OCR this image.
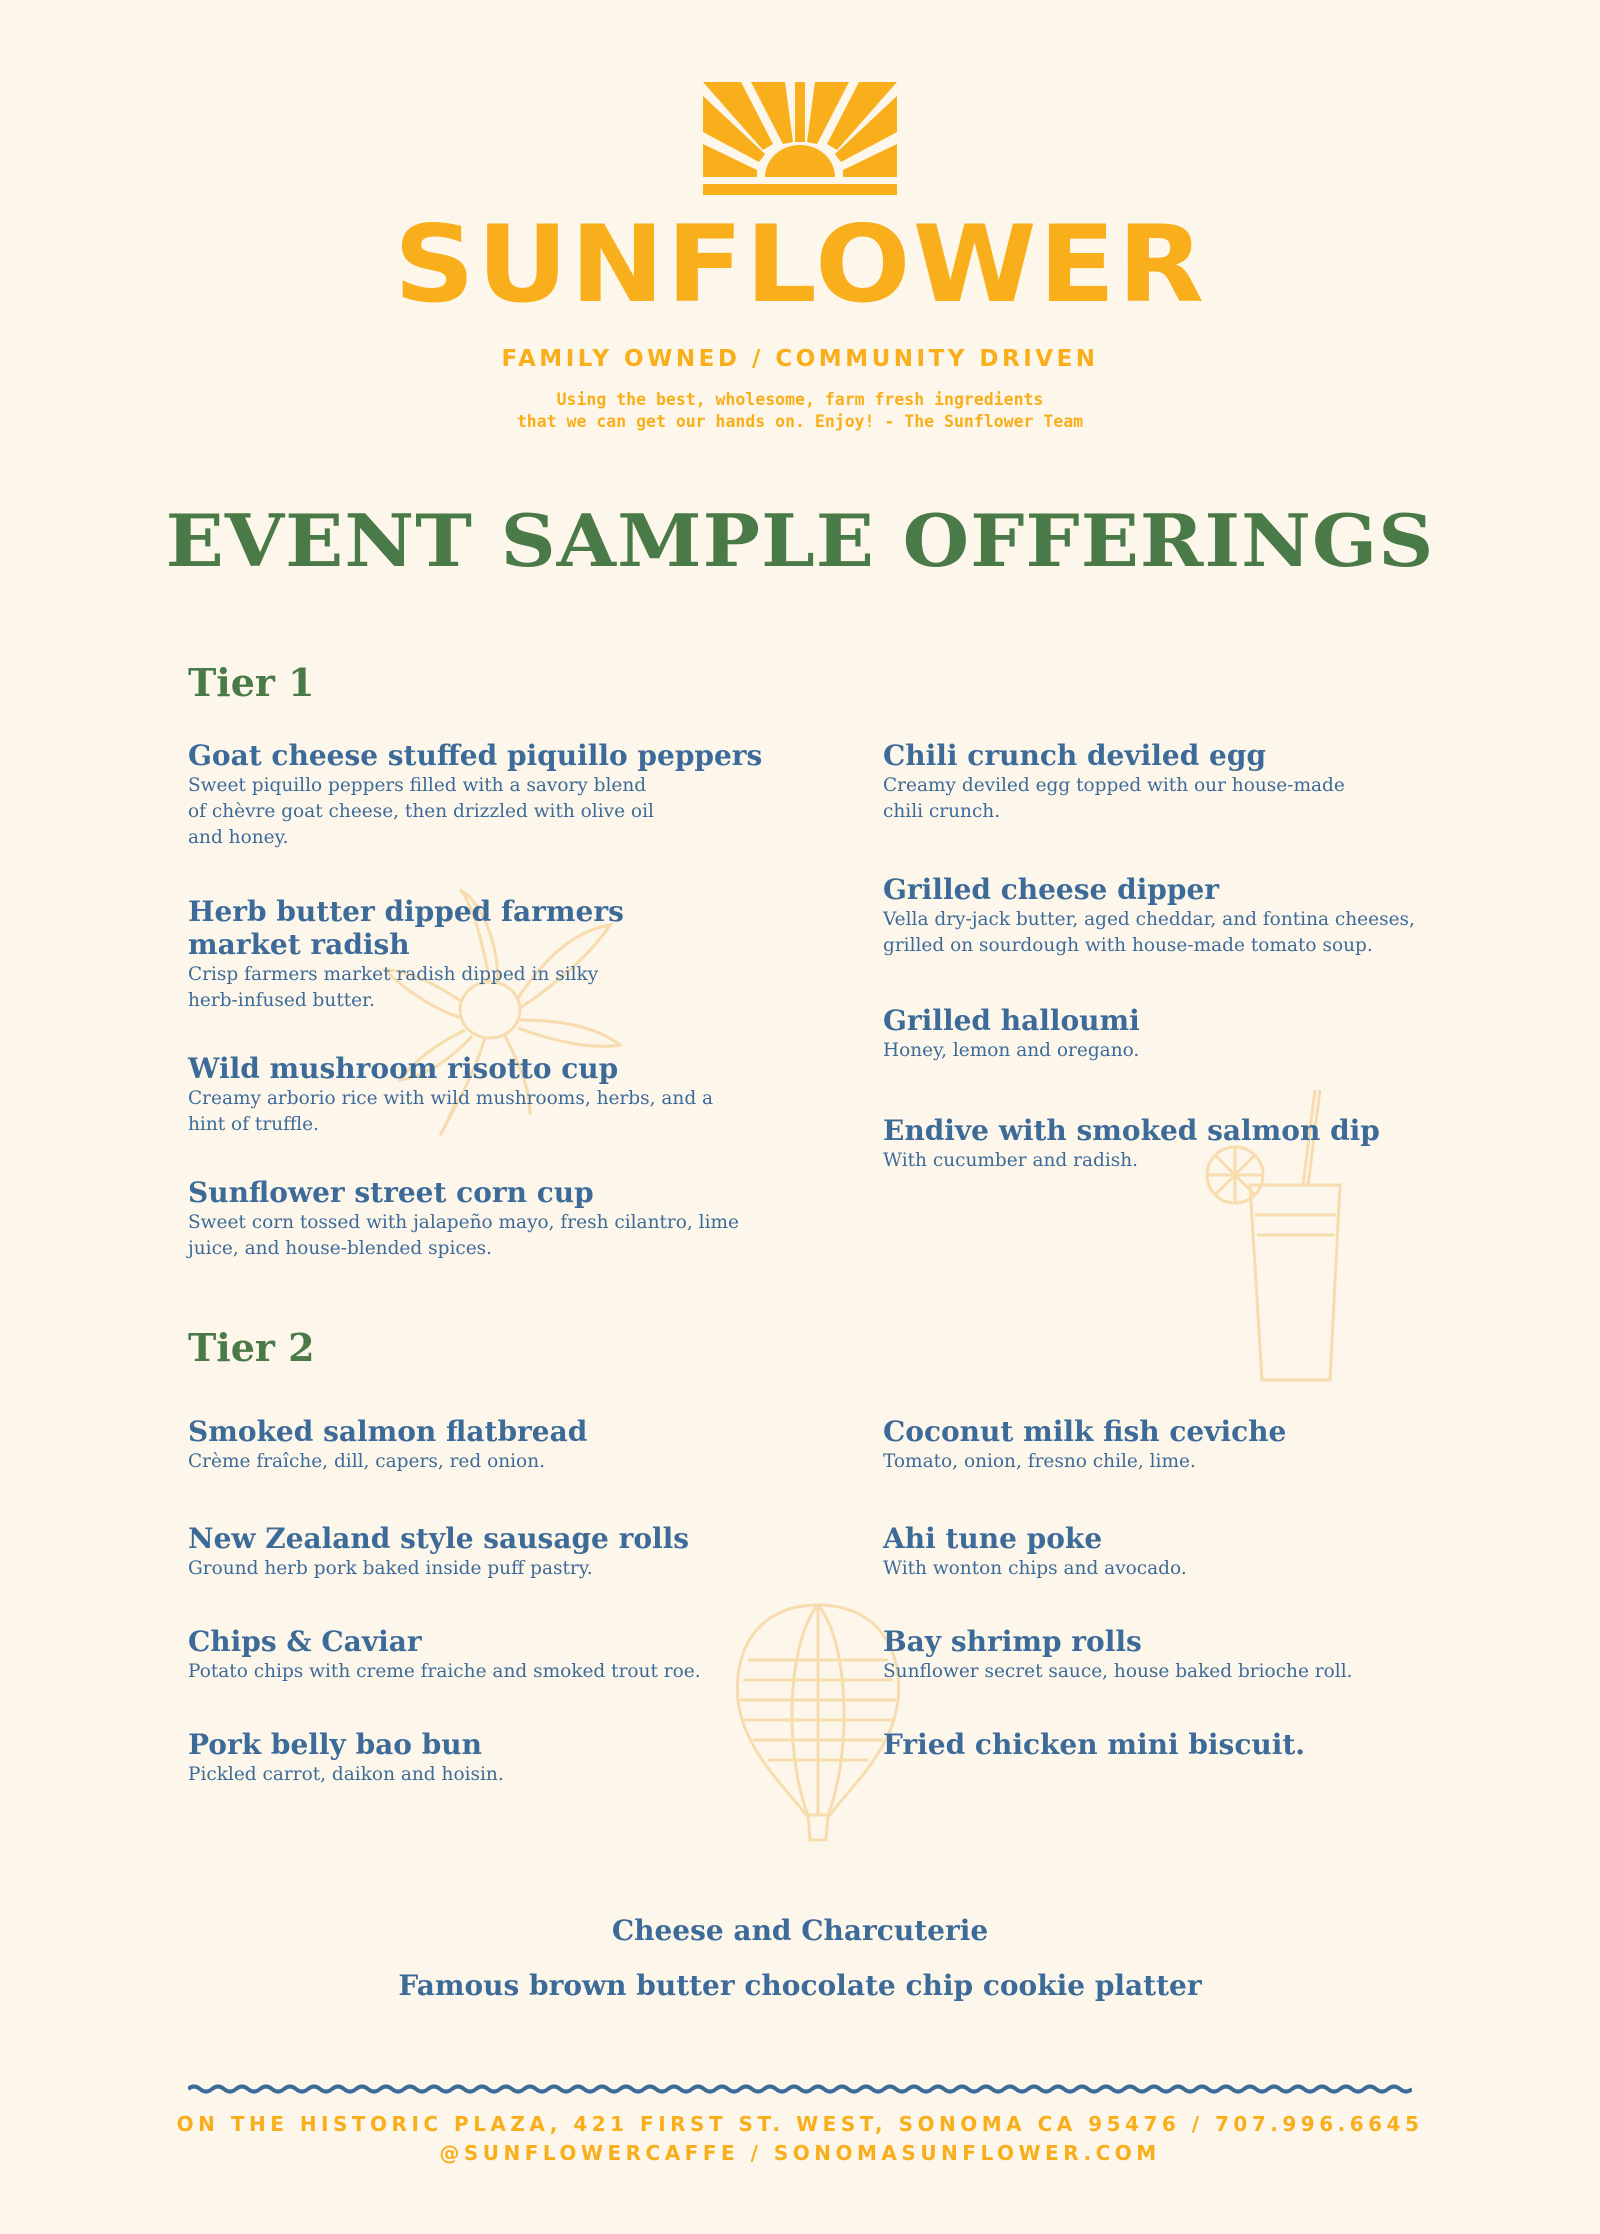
SUNFLOWER
FAMILY OWNED / COMMUNITY DRIVEN
Using the best, wholesome, farm fresh ingredients
that we can get our hands on. Enjoy! - The Sunflower Team
EVENT SAMPLE OFFERINGS
Tier 1
Goat cheese stuffed piquillo peppers
Sweet piquillo peppers filled with a savory blend
of chèvre goat cheese, then drizzled with olive oil
and honey.
Herb butter dipped farmers
market radish
Crisp farmers market radish dipped in silky
herb-infused butter.
Wild mushroom risotto cup
Creamy arborio rice with wild mushrooms, herbs, and a
hint of truffle.
Sunflower street corn cup
Sweet corn tossed with jalapeño mayo, fresh cilantro, lime
juice, and house-blended spices.
Chili crunch deviled egg
Creamy deviled egg topped with our house-made
chili crunch.
Grilled cheese dipper
Vella dry-jack butter, aged cheddar, and fontina cheeses,
grilled on sourdough with house-made tomato soup.
Grilled halloumi
Honey, lemon and oregano.
Endive with smoked salmon dip
With cucumber and radish.
Tier 2
Smoked salmon flatbread
Crème fraîche, dill, capers, red onion.
New Zealand style sausage rolls
Ground herb pork baked inside puff pastry.
Chips & Caviar
Potato chips with creme fraiche and smoked trout roe.
Pork belly bao bun
Pickled carrot, daikon and hoisin.
Coconut milk fish ceviche
Tomato, onion, fresno chile, lime.
Ahi tune poke
With wonton chips and avocado.
Bay shrimp rolls
Sunflower secret sauce, house baked brioche roll.
Fried chicken mini biscuit.
Cheese and Charcuterie
Famous brown butter chocolate chip cookie platter
ON THE HISTORIC PLAZA, 421 FIRST ST. WEST, SONOMA CA 95476 / 707.996.6645
@SUNFLOWERCAFFE / SONOMASUNFLOWER.COM
